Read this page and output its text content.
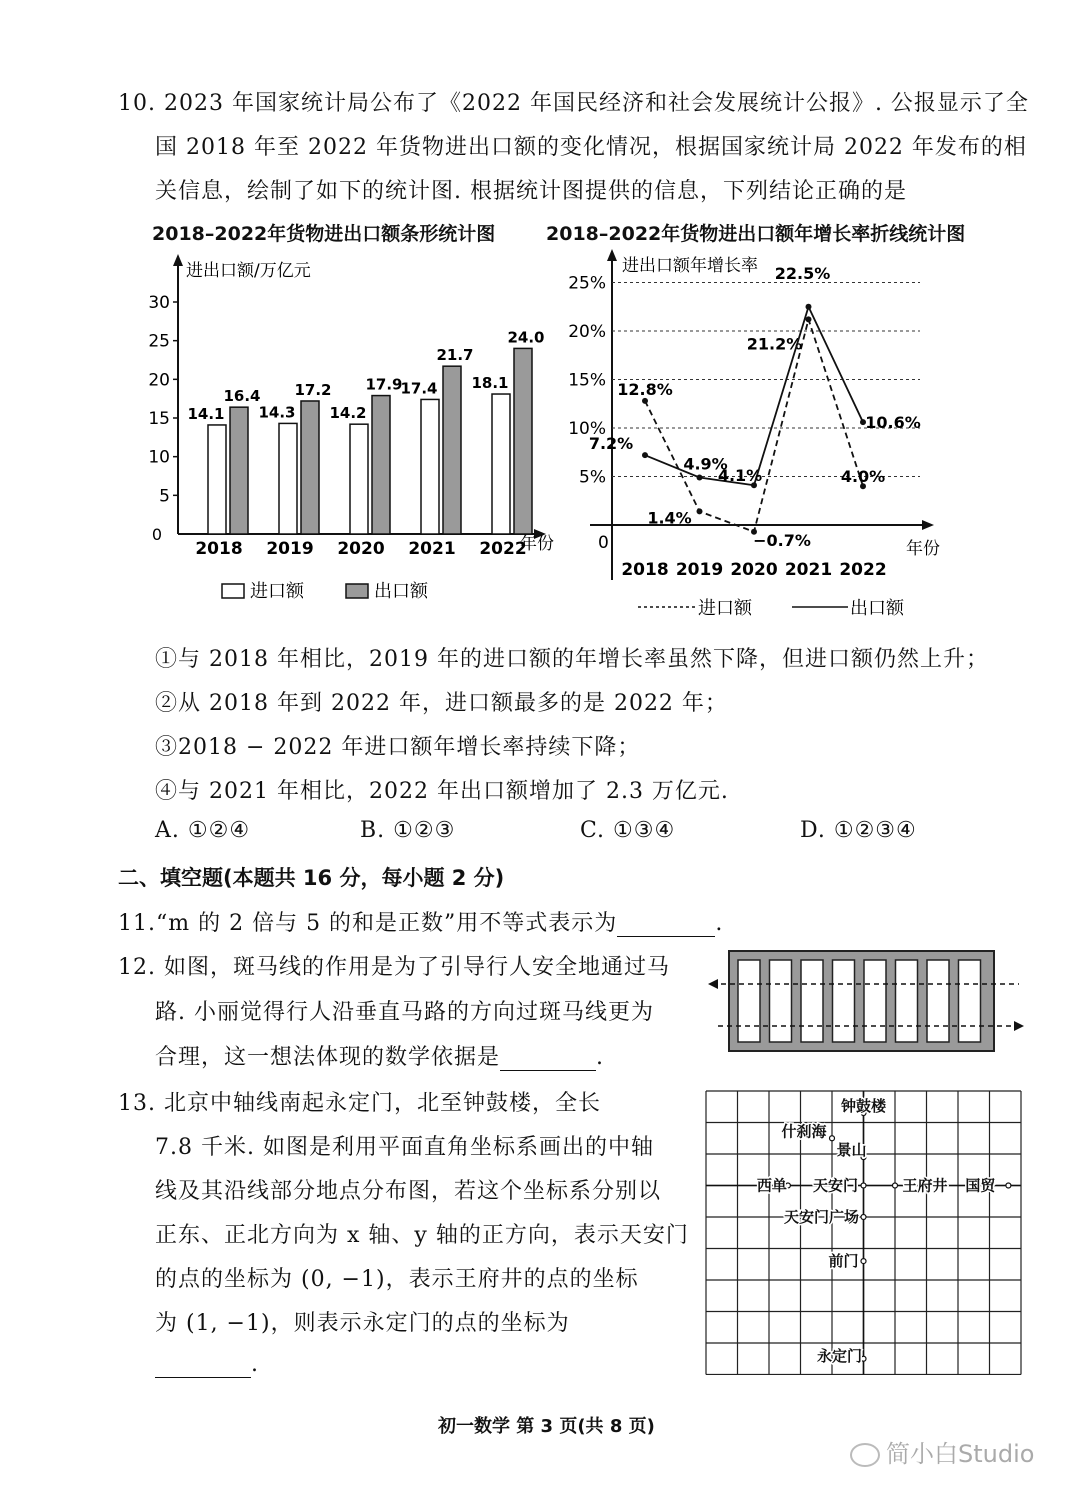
10. 2023 年国家统计局公布了《2022 年国民经济和社会发展统计公报》. 公报显示了全
国 2018 年至 2022 年货物进出口额的变化情况，根据国家统计局 2022 年发布的相
关信息，绘制了如下的统计图. 根据统计图提供的信息，下列结论正确的是
2018–2022年货物进出口额条形统计图	2018–2022年货物进出口额年增长率折线统计图
进出口额/万亿元
年份
0
5
10
15
20
25
30
2018
14.1
16.4
2019
14.3
17.2
2020
14.2
17.9
2021
17.4
21.7
2022
18.1
24.0
进口额	出口额
进出口额年增长率
年份
0
5%
10%
15%
20%
25%
2018 2019 2020 2021 2022
12.8%
1.4%
−0.7%
21.2%
4.0%
7.2%
4.9%
4.1%
22.5%
10.6%
进口额	出口额
①与 2018 年相比，2019 年的进口额的年增长率虽然下降，但进口额仍然上升；
②从 2018 年到 2022 年，进口额最多的是 2022 年；
③2018 − 2022 年进口额年增长率持续下降；
④与 2021 年相比，2022 年出口额增加了 2.3 万亿元.
A. ①②④	B. ①②③	C. ①③④	D. ①②③④
二、填空题(本题共 16 分，每小题 2 分)
11.“m 的 2 倍与 5 的和是正数”用不等式表示为	.
12. 如图，斑马线的作用是为了引导行人安全地通过马
路. 小丽觉得行人沿垂直马路的方向过斑马线更为
合理，这一想法体现的数学依据是	.
13. 北京中轴线南起永定门，北至钟鼓楼，全长
7.8 千米. 如图是利用平面直角坐标系画出的中轴
线及其沿线部分地点分布图，若这个坐标系分别以
正东、正北方向为 x 轴、y 轴的正方向，表示天安门
的点的坐标为 (0, −1)，表示王府井的点的坐标
为 (1, −1)，则表示永定门的点的坐标为
.
钟鼓楼
什刹海
景山
西单 天安门	王府井 国贸
天安门广场
前门
永定门
初一数学 第 3 页(共 8 页)
简小白Studio
